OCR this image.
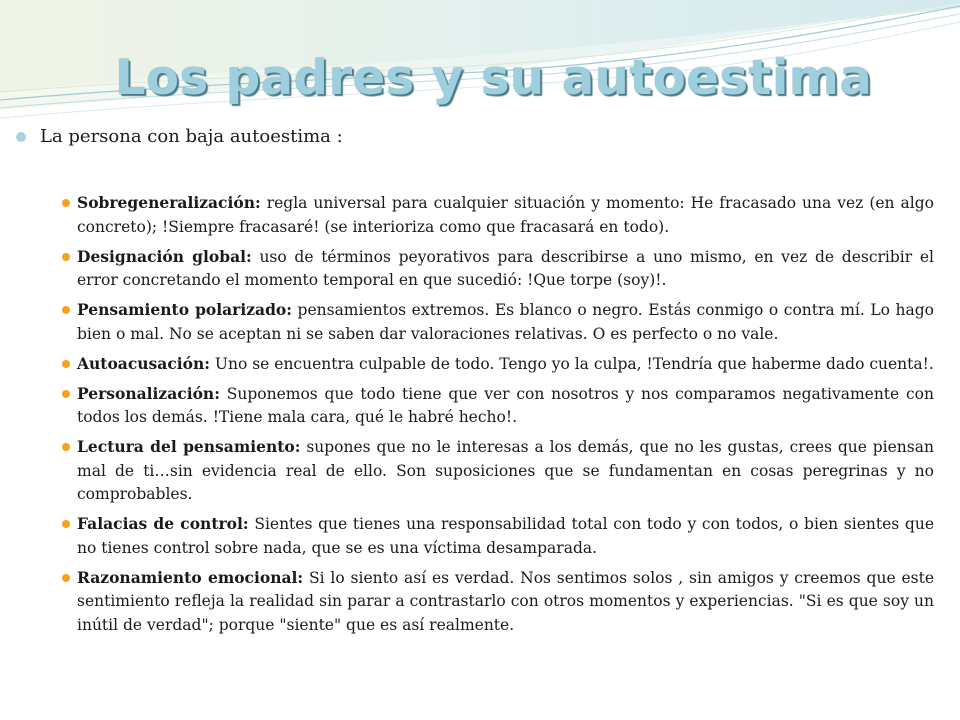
Los padres y su autoestima
La persona con baja autoestima :
Sobregeneralización: regla universal para cualquier situación y momento: He fracasado una vez (en algo concreto); !Siempre fracasaré! (se interioriza como que fracasará en todo).
Designación global: uso de términos peyorativos para describirse a uno mismo, en vez de describir el error concretando el momento temporal en que sucedió: !Que torpe (soy)!.
Pensamiento polarizado: pensamientos extremos. Es blanco o negro. Estás conmigo o contra mí. Lo hago bien o mal. No se aceptan ni se saben dar valoraciones relativas. O es perfecto o no vale.
Autoacusación: Uno se encuentra culpable de todo. Tengo yo la culpa, !Tendría que haberme dado cuenta!.
Personalización: Suponemos que todo tiene que ver con nosotros y nos comparamos negativamente con todos los demás. !Tiene mala cara, qué le habré hecho!.
Lectura del pensamiento: supones que no le interesas a los demás, que no les gustas, crees que piensan mal de ti…sin evidencia real de ello. Son suposiciones que se fundamentan en cosas peregrinas y no comprobables.
Falacias de control: Sientes que tienes una responsabilidad total con todo y con todos, o bien sientes que no tienes control sobre nada, que se es una víctima desamparada.
Razonamiento emocional: Si lo siento así es verdad. Nos sentimos solos , sin amigos y creemos que este sentimiento refleja la realidad sin parar a contrastarlo con otros momentos y experiencias. "Si es que soy un inútil de verdad"; porque "siente" que es así realmente.
